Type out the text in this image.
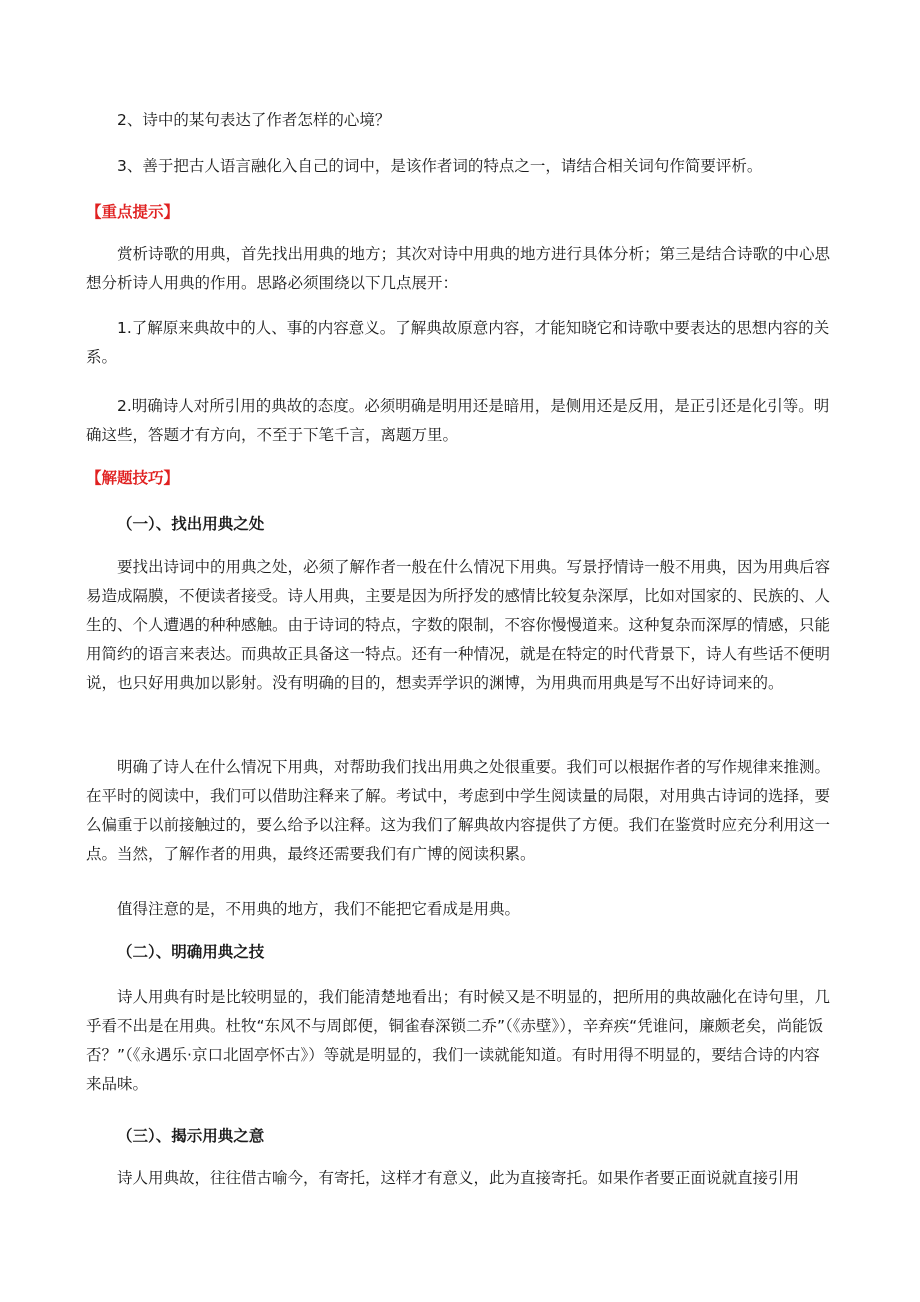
2、诗中的某句表达了作者怎样的心境？
3、善于把古人语言融化入自己的词中，是该作者词的特点之一，请结合相关词句作简要评析。
【重点提示】

赏析诗歌的用典，首先找出用典的地方；其次对诗中用典的地方进行具体分析；第三是结合诗歌的中心思想分析诗人用典的作用。思路必须围绕以下几点展开：

1.了解原来典故中的人、事的内容意义。了解典故原意内容，才能知晓它和诗歌中要表达的思想内容的关系。

2.明确诗人对所引用的典故的态度。必须明确是明用还是暗用，是侧用还是反用，是正引还是化引等。明确这些，答题才有方向，不至于下笔千言，离题万里。

【解题技巧】
（一）、找出用典之处

要找出诗词中的用典之处，必须了解作者一般在什么情况下用典。写景抒情诗一般不用典，因为用典后容易造成隔膜，不便读者接受。诗人用典，主要是因为所抒发的感情比较复杂深厚，比如对国家的、民族的、人生的、个人遭遇的种种感触。由于诗词的特点，字数的限制，不容你慢慢道来。这种复杂而深厚的情感，只能用简约的语言来表达。而典故正具备这一特点。还有一种情况，就是在特定的时代背景下，诗人有些话不便明说，也只好用典加以影射。没有明确的目的，想卖弄学识的渊博，为用典而用典是写不出好诗词来的。

明确了诗人在什么情况下用典，对帮助我们找出用典之处很重要。我们可以根据作者的写作规律来推测。在平时的阅读中，我们可以借助注释来了解。考试中，考虑到中学生阅读量的局限，对用典古诗词的选择，要么偏重于以前接触过的，要么给予以注释。这为我们了解典故内容提供了方便。我们在鉴赏时应充分利用这一点。当然，了解作者的用典，最终还需要我们有广博的阅读积累。

值得注意的是，不用典的地方，我们不能把它看成是用典。

（二）、明确用典之技

诗人用典有时是比较明显的，我们能清楚地看出；有时候又是不明显的，把所用的典故融化在诗句里，几乎看不出是在用典。杜牧“东风不与周郎便，铜雀春深锁二乔”（《赤壁》），辛弃疾“凭谁问，廉颇老矣，尚能饭否？”（《永遇乐·京口北固亭怀古》）等就是明显的，我们一读就能知道。有时用得不明显的，要结合诗的内容来品味。

（三）、揭示用典之意

诗人用典故，往往借古喻今，有寄托，这样才有意义，此为直接寄托。如果作者要正面说就直接引用
